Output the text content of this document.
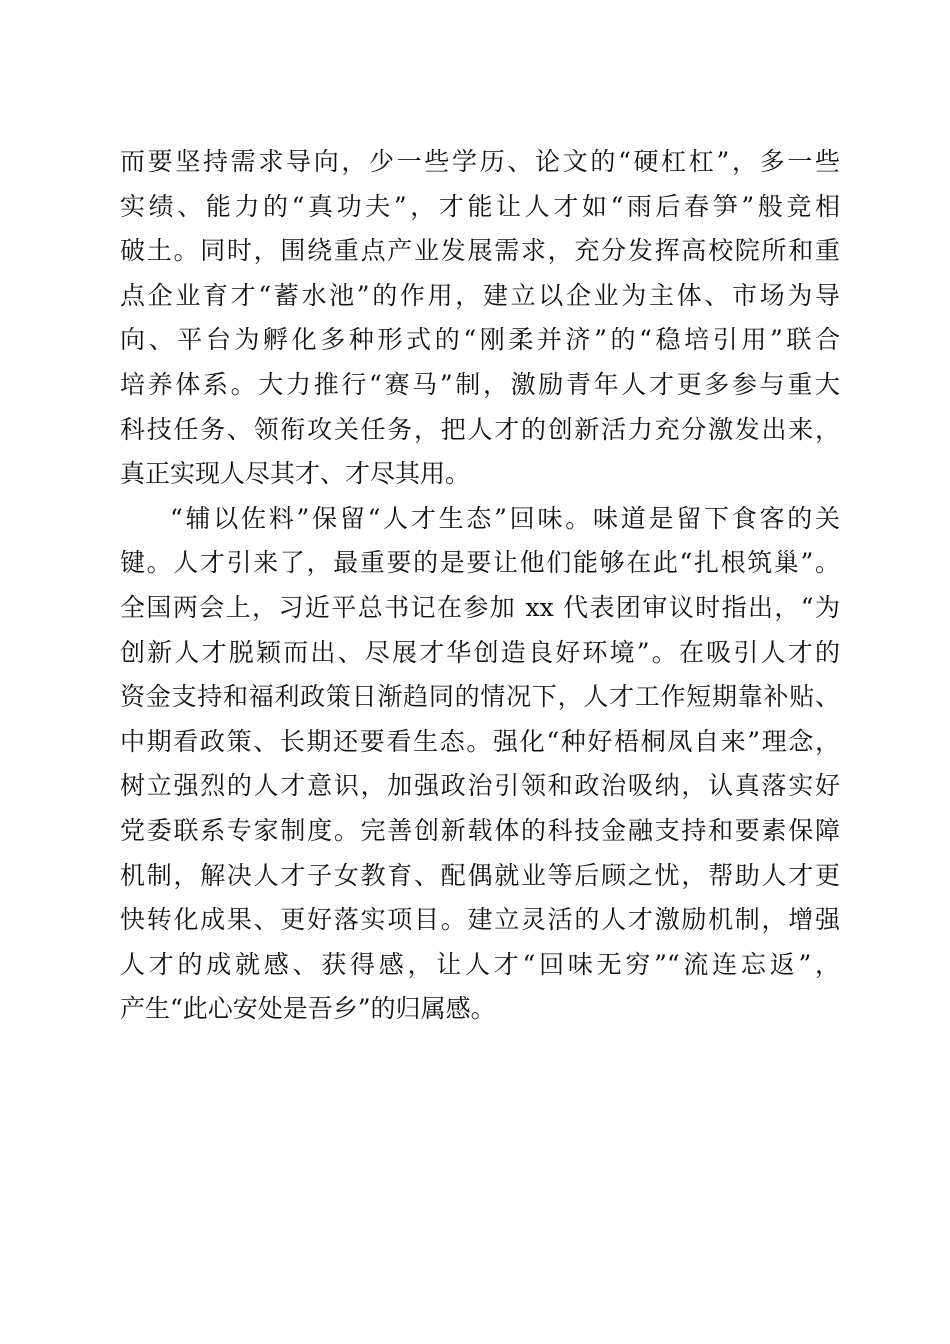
而要坚持需求导向，少一些学历、论文的“硬杠杠”，多一些
实绩、能力的“真功夫”，才能让人才如“雨后春笋”般竞相
破土。同时，围绕重点产业发展需求，充分发挥高校院所和重
点企业育才“蓄水池”的作用，建立以企业为主体、市场为导
向、平台为孵化多种形式的“刚柔并济”的“稳培引用”联合
培养体系。大力推行“赛马”制，激励青年人才更多参与重大
科技任务、领衔攻关任务，把人才的创新活力充分激发出来，
真正实现人尽其才、才尽其用。
“辅以佐料”保留“人才生态”回味。味道是留下食客的关
键。人才引来了，最重要的是要让他们能够在此“扎根筑巢”。
全国两会上，习近平总书记在参加 xx 代表团审议时指出，“为
创新人才脱颖而出、尽展才华创造良好环境”。在吸引人才的
资金支持和福利政策日渐趋同的情况下，人才工作短期靠补贴、
中期看政策、长期还要看生态。强化“种好梧桐凤自来”理念，
树立强烈的人才意识，加强政治引领和政治吸纳，认真落实好
党委联系专家制度。完善创新载体的科技金融支持和要素保障
机制，解决人才子女教育、配偶就业等后顾之忧，帮助人才更
快转化成果、更好落实项目。建立灵活的人才激励机制，增强
人才的成就感、获得感，让人才“回味无穷”“流连忘返”，
产生“此心安处是吾乡”的归属感。
